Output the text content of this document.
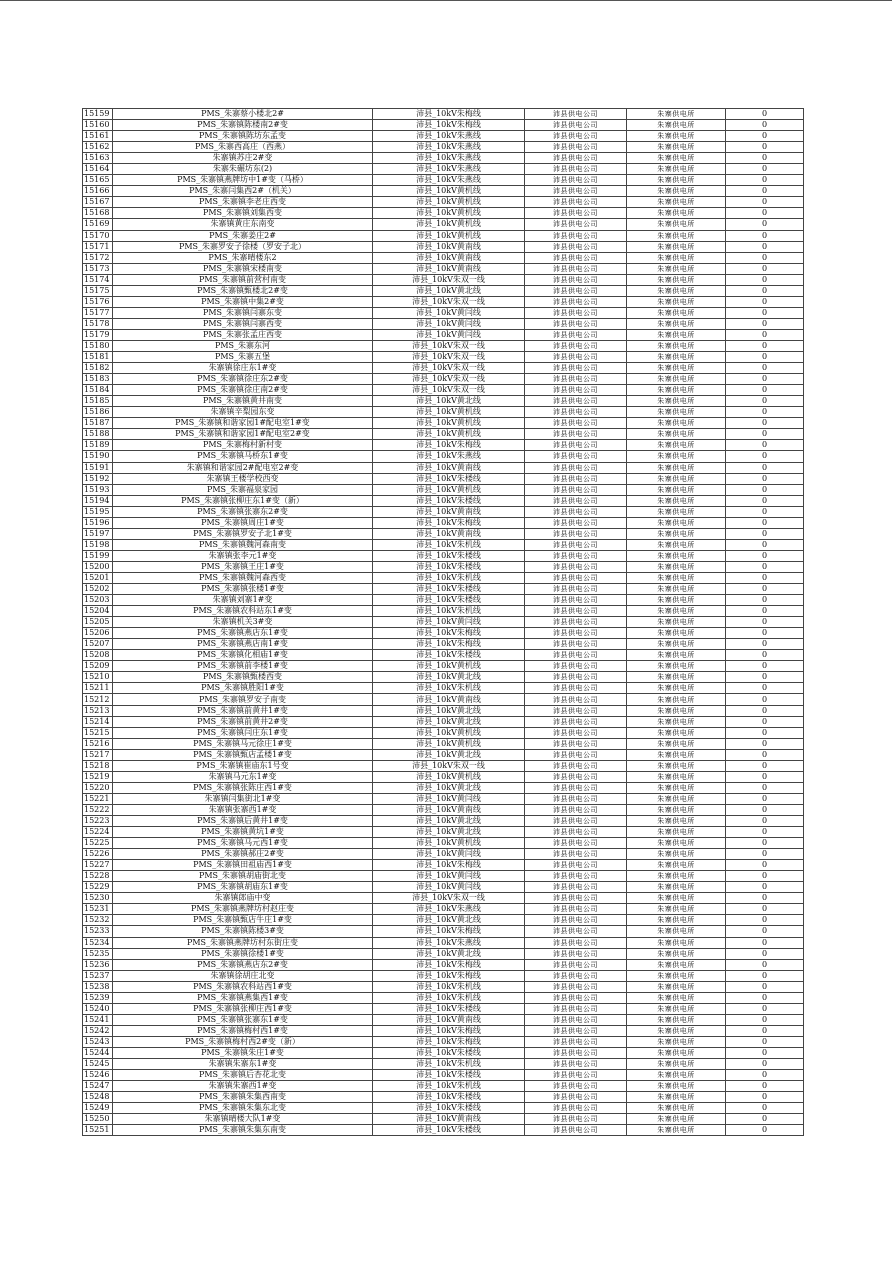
15159	PMS_朱寨蔡小楼北2#	沛县_10kV朱梅线	沛县供电公司	朱寨供电所	0
15160	PMS_朱寨镇陈楼南2#变	沛县_10kV朱梅线	沛县供电公司	朱寨供电所	0
15161	PMS_朱寨镇陈坊东孟变	沛县_10kV朱燕线	沛县供电公司	朱寨供电所	0
15162	PMS_朱寨西高庄（西燕）	沛县_10kV朱燕线	沛县供电公司	朱寨供电所	0
15163	朱寨镇苏庄2#变	沛县_10kV朱燕线	沛县供电公司	朱寨供电所	0
15164	朱寨朱碾坊东(2)	沛县_10kV朱燕线	沛县供电公司	朱寨供电所	0
15165	PMS_朱寨镇燕牌坊中1#变（马桥）	沛县_10kV朱燕线	沛县供电公司	朱寨供电所	0
15166	PMS_朱寨闫集西2#（机关）	沛县_10kV黄机线	沛县供电公司	朱寨供电所	0
15167	PMS_朱寨镇李老庄西变	沛县_10kV黄机线	沛县供电公司	朱寨供电所	0
15168	PMS_朱寨镇刘集西变	沛县_10kV黄机线	沛县供电公司	朱寨供电所	0
15169	朱寨镇黄庄东南变	沛县_10kV黄机线	沛县供电公司	朱寨供电所	0
15170	PMS_朱寨姜庄2#	沛县_10kV黄机线	沛县供电公司	朱寨供电所	0
15171	PMS_朱寨罗安子徐楼（罗安子北）	沛县_10kV黄南线	沛县供电公司	朱寨供电所	0
15172	PMS_朱寨晴楼东2	沛县_10kV黄南线	沛县供电公司	朱寨供电所	0
15173	PMS_朱寨镇宋楼南变	沛县_10kV黄南线	沛县供电公司	朱寨供电所	0
15174	PMS_朱寨镇前营村南变	沛县_10kV朱双一线	沛县供电公司	朱寨供电所	0
15175	PMS_朱寨镇甄楼北2#变	沛县_10kV黄北线	沛县供电公司	朱寨供电所	0
15176	PMS_朱寨镇中集2#变	沛县_10kV朱双一线	沛县供电公司	朱寨供电所	0
15177	PMS_朱寨镇闫寨东变	沛县_10kV黄闫线	沛县供电公司	朱寨供电所	0
15178	PMS_朱寨镇闫寨西变	沛县_10kV黄闫线	沛县供电公司	朱寨供电所	0
15179	PMS_朱寨张孟庄西变	沛县_10kV黄闫线	沛县供电公司	朱寨供电所	0
15180	PMS_朱寨东河	沛县_10kV朱双一线	沛县供电公司	朱寨供电所	0
15181	PMS_朱寨五堡	沛县_10kV朱双一线	沛县供电公司	朱寨供电所	0
15182	朱寨镇徐庄东1#变	沛县_10kV朱双一线	沛县供电公司	朱寨供电所	0
15183	PMS_朱寨镇徐庄东2#变	沛县_10kV朱双一线	沛县供电公司	朱寨供电所	0
15184	PMS_朱寨镇徐庄南2#变	沛县_10kV朱双一线	沛县供电公司	朱寨供电所	0
15185	PMS_朱寨镇黄井南变	沛县_10kV黄北线	沛县供电公司	朱寨供电所	0
15186	朱寨镇辛梨园东变	沛县_10kV黄机线	沛县供电公司	朱寨供电所	0
15187	PMS_朱寨镇和谐家园1#配电室1#变	沛县_10kV黄机线	沛县供电公司	朱寨供电所	0
15188	PMS_朱寨镇和谐家园1#配电室2#变	沛县_10kV黄机线	沛县供电公司	朱寨供电所	0
15189	PMS_朱寨梅村新村变	沛县_10kV朱梅线	沛县供电公司	朱寨供电所	0
15190	PMS_朱寨镇马桥东1#变	沛县_10kV朱燕线	沛县供电公司	朱寨供电所	0
15191	朱寨镇和谐家园2#配电室2#变	沛县_10kV黄南线	沛县供电公司	朱寨供电所	0
15192	朱寨镇王楼学校西变	沛县_10kV朱楼线	沛县供电公司	朱寨供电所	0
15193	PMS_朱寨福泉家园	沛县_10kV黄机线	沛县供电公司	朱寨供电所	0
15194	PMS_朱寨镇张柳庄东1#变（新）	沛县_10kV朱楼线	沛县供电公司	朱寨供电所	0
15195	PMS_朱寨镇张寨东2#变	沛县_10kV黄南线	沛县供电公司	朱寨供电所	0
15196	PMS_朱寨镇周庄1#变	沛县_10kV朱梅线	沛县供电公司	朱寨供电所	0
15197	PMS_朱寨镇罗安子北1#变	沛县_10kV黄南线	沛县供电公司	朱寨供电所	0
15198	PMS_朱寨镇魏河森南变	沛县_10kV朱机线	沛县供电公司	朱寨供电所	0
15199	朱寨镇张李元1#变	沛县_10kV朱楼线	沛县供电公司	朱寨供电所	0
15200	PMS_朱寨镇王庄1#变	沛县_10kV朱楼线	沛县供电公司	朱寨供电所	0
15201	PMS_朱寨镇魏河森西变	沛县_10kV朱机线	沛县供电公司	朱寨供电所	0
15202	PMS_朱寨镇张楼1#变	沛县_10kV朱楼线	沛县供电公司	朱寨供电所	0
15203	朱寨镇刘寨1#变	沛县_10kV朱楼线	沛县供电公司	朱寨供电所	0
15204	PMS_朱寨镇农科站东1#变	沛县_10kV朱机线	沛县供电公司	朱寨供电所	0
15205	朱寨镇机关3#变	沛县_10kV黄闫线	沛县供电公司	朱寨供电所	0
15206	PMS_朱寨镇燕店东1#变	沛县_10kV朱梅线	沛县供电公司	朱寨供电所	0
15207	PMS_朱寨镇燕店南1#变	沛县_10kV朱梅线	沛县供电公司	朱寨供电所	0
15208	PMS_朱寨镇化相庙1#变	沛县_10kV朱楼线	沛县供电公司	朱寨供电所	0
15209	PMS_朱寨镇前李楼1#变	沛县_10kV黄机线	沛县供电公司	朱寨供电所	0
15210	PMS_朱寨镇甄楼西变	沛县_10kV黄北线	沛县供电公司	朱寨供电所	0
15211	PMS_朱寨镇胜阳1#变	沛县_10kV朱机线	沛县供电公司	朱寨供电所	0
15212	PMS_朱寨镇罗安子南变	沛县_10kV黄南线	沛县供电公司	朱寨供电所	0
15213	PMS_朱寨镇前黄井1#变	沛县_10kV黄北线	沛县供电公司	朱寨供电所	0
15214	PMS_朱寨镇前黄井2#变	沛县_10kV黄北线	沛县供电公司	朱寨供电所	0
15215	PMS_朱寨镇闫庄东1#变	沛县_10kV黄机线	沛县供电公司	朱寨供电所	0
15216	PMS_朱寨镇马元徐庄1#变	沛县_10kV黄机线	沛县供电公司	朱寨供电所	0
15217	PMS_朱寨镇甄店孟楼1#变	沛县_10kV黄北线	沛县供电公司	朱寨供电所	0
15218	PMS_朱寨镇崔庙东1号变	沛县_10kV朱双一线	沛县供电公司	朱寨供电所	0
15219	朱寨镇马元东1#变	沛县_10kV黄机线	沛县供电公司	朱寨供电所	0
15220	PMS_朱寨镇张陈庄西1#变	沛县_10kV黄北线	沛县供电公司	朱寨供电所	0
15221	朱寨镇闫集街北1#变	沛县_10kV黄闫线	沛县供电公司	朱寨供电所	0
15222	朱寨镇张寨西1#变	沛县_10kV黄南线	沛县供电公司	朱寨供电所	0
15223	PMS_朱寨镇后黄井1#变	沛县_10kV黄北线	沛县供电公司	朱寨供电所	0
15224	PMS_朱寨镇黄坑1#变	沛县_10kV黄北线	沛县供电公司	朱寨供电所	0
15225	PMS_朱寨镇马元西1#变	沛县_10kV黄机线	沛县供电公司	朱寨供电所	0
15226	PMS_朱寨镇郝庄2#变	沛县_10kV黄闫线	沛县供电公司	朱寨供电所	0
15227	PMS_朱寨镇田祖庙西1#变	沛县_10kV朱梅线	沛县供电公司	朱寨供电所	0
15228	PMS_朱寨镇胡庙街北变	沛县_10kV黄闫线	沛县供电公司	朱寨供电所	0
15229	PMS_朱寨镇胡庙东1#变	沛县_10kV黄闫线	沛县供电公司	朱寨供电所	0
15230	朱寨镇郎庙中变	沛县_10kV朱双一线	沛县供电公司	朱寨供电所	0
15231	PMS_朱寨镇燕牌坊村赵庄变	沛县_10kV朱燕线	沛县供电公司	朱寨供电所	0
15232	PMS_朱寨镇甄店牛庄1#变	沛县_10kV黄北线	沛县供电公司	朱寨供电所	0
15233	PMS_朱寨镇陈楼3#变	沛县_10kV朱梅线	沛县供电公司	朱寨供电所	0
15234	PMS_朱寨镇燕牌坊村东街庄变	沛县_10kV朱燕线	沛县供电公司	朱寨供电所	0
15235	PMS_朱寨镇徐楼1#变	沛县_10kV黄北线	沛县供电公司	朱寨供电所	0
15236	PMS_朱寨镇燕店东2#变	沛县_10kV朱梅线	沛县供电公司	朱寨供电所	0
15237	朱寨镇徐胡庄北变	沛县_10kV朱梅线	沛县供电公司	朱寨供电所	0
15238	PMS_朱寨镇农科站西1#变	沛县_10kV朱机线	沛县供电公司	朱寨供电所	0
15239	PMS_朱寨镇燕集西1#变	沛县_10kV朱机线	沛县供电公司	朱寨供电所	0
15240	PMS_朱寨镇张柳庄西1#变	沛县_10kV朱楼线	沛县供电公司	朱寨供电所	0
15241	PMS_朱寨镇张寨东1#变	沛县_10kV黄南线	沛县供电公司	朱寨供电所	0
15242	PMS_朱寨镇梅村西1#变	沛县_10kV朱梅线	沛县供电公司	朱寨供电所	0
15243	PMS_朱寨镇梅村西2#变（新）	沛县_10kV朱梅线	沛县供电公司	朱寨供电所	0
15244	PMS_朱寨镇朱庄1#变	沛县_10kV朱楼线	沛县供电公司	朱寨供电所	0
15245	朱寨镇朱寨东1#变	沛县_10kV朱机线	沛县供电公司	朱寨供电所	0
15246	PMS_朱寨镇后杏花北变	沛县_10kV朱楼线	沛县供电公司	朱寨供电所	0
15247	朱寨镇朱寨西1#变	沛县_10kV朱机线	沛县供电公司	朱寨供电所	0
15248	PMS_朱寨镇朱集西南变	沛县_10kV朱楼线	沛县供电公司	朱寨供电所	0
15249	PMS_朱寨镇朱集东北变	沛县_10kV朱楼线	沛县供电公司	朱寨供电所	0
15250	朱寨镇晴楼大队1#变	沛县_10kV黄南线	沛县供电公司	朱寨供电所	0
15251	PMS_朱寨镇朱集东南变	沛县_10kV朱楼线	沛县供电公司	朱寨供电所	0
